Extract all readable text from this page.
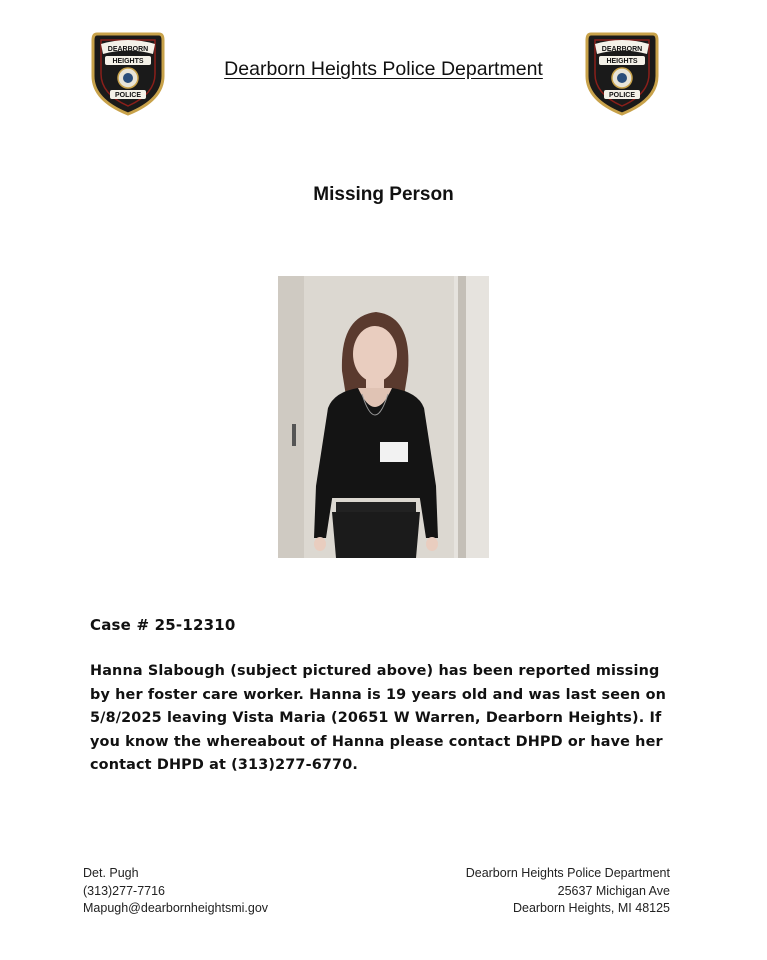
DEARBORN
HEIGHTS
POLICE
Dearborn Heights Police Department
DEARBORN
HEIGHTS
POLICE
Missing Person
Case # 25-12310
Hanna Slabough (subject pictured above) has been reported missing
by her foster care worker. Hanna is 19 years old and was last seen on
5/8/2025 leaving Vista Maria (20651 W Warren, Dearborn Heights). If
you know the whereabout of Hanna please contact DHPD or have her
contact DHPD at (313)277-6770.
Det. Pugh
(313)277-7716
Mapugh@dearbornheightsmi.gov
Dearborn Heights Police Department
25637 Michigan Ave
Dearborn Heights, MI 48125
